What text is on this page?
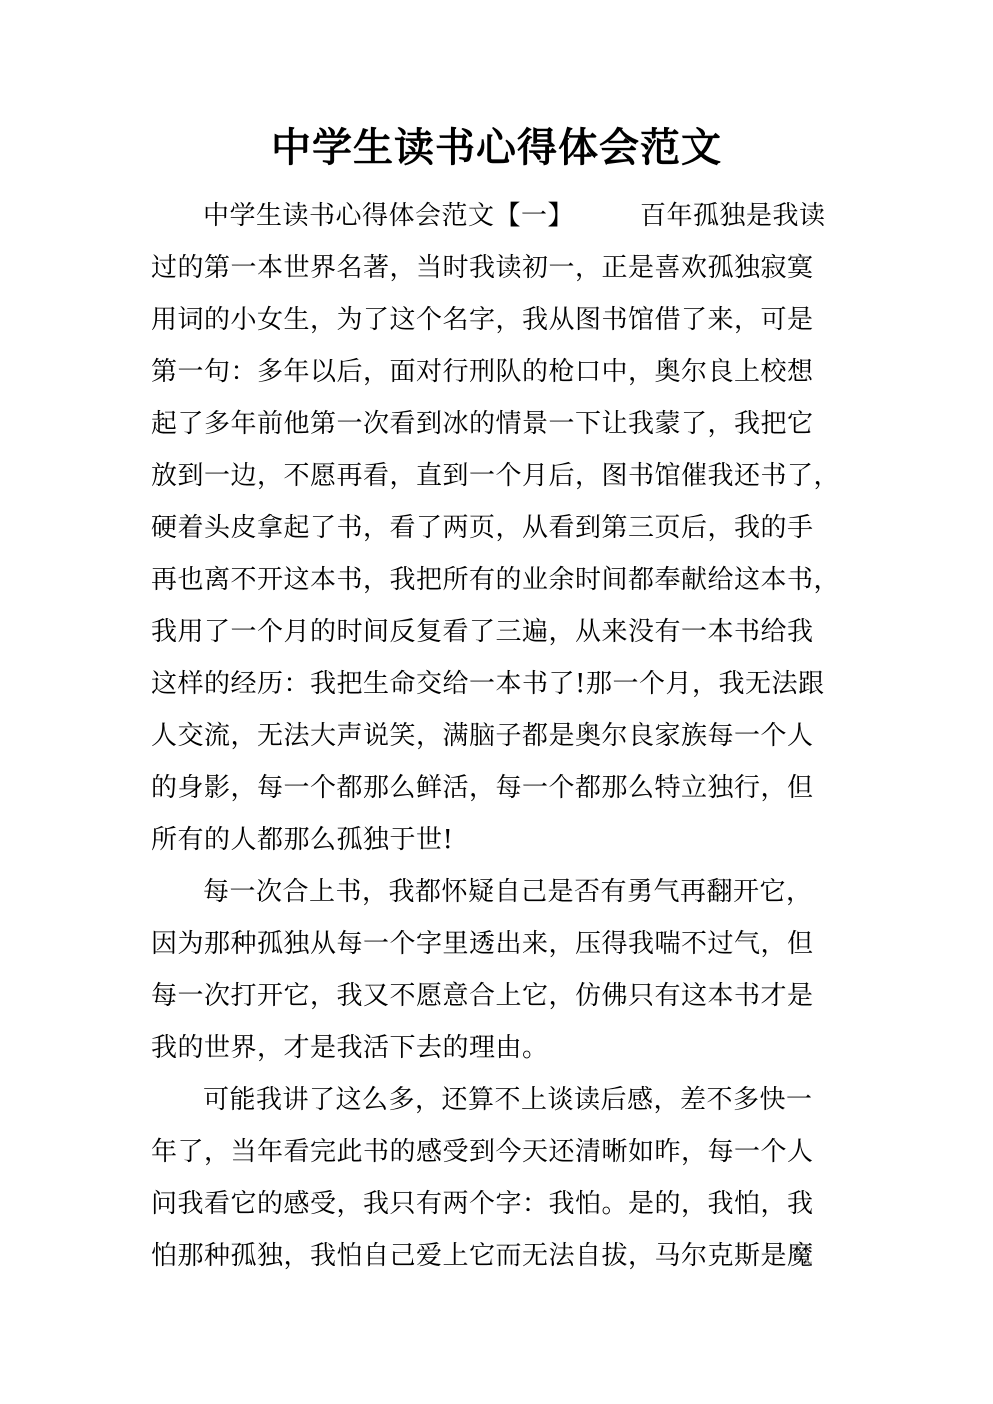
中学生读书心得体会范文
中学生读书心得体会范文【一】	百年孤独是我读
过的第一本世界名著，当时我读初一，正是喜欢孤独寂寞
用词的小女生，为了这个名字，我从图书馆借了来，可是
第一句：多年以后，面对行刑队的枪口中，奥尔良上校想
起了多年前他第一次看到冰的情景一下让我蒙了，我把它
放到一边，不愿再看，直到一个月后，图书馆催我还书了，
硬着头皮拿起了书，看了两页，从看到第三页后，我的手
再也离不开这本书，我把所有的业余时间都奉献给这本书，
我用了一个月的时间反复看了三遍，从来没有一本书给我
这样的经历：我把生命交给一本书了!那一个月，我无法跟
人交流，无法大声说笑，满脑子都是奥尔良家族每一个人
的身影，每一个都那么鲜活，每一个都那么特立独行，但
所有的人都那么孤独于世!
每一次合上书，我都怀疑自己是否有勇气再翻开它，
因为那种孤独从每一个字里透出来，压得我喘不过气，但
每一次打开它，我又不愿意合上它，仿佛只有这本书才是
我的世界，才是我活下去的理由。
可能我讲了这么多，还算不上谈读后感，差不多快一
年了，当年看完此书的感受到今天还清晰如昨，每一个人
问我看它的感受，我只有两个字：我怕。是的，我怕，我
怕那种孤独，我怕自己爱上它而无法自拔，马尔克斯是魔
